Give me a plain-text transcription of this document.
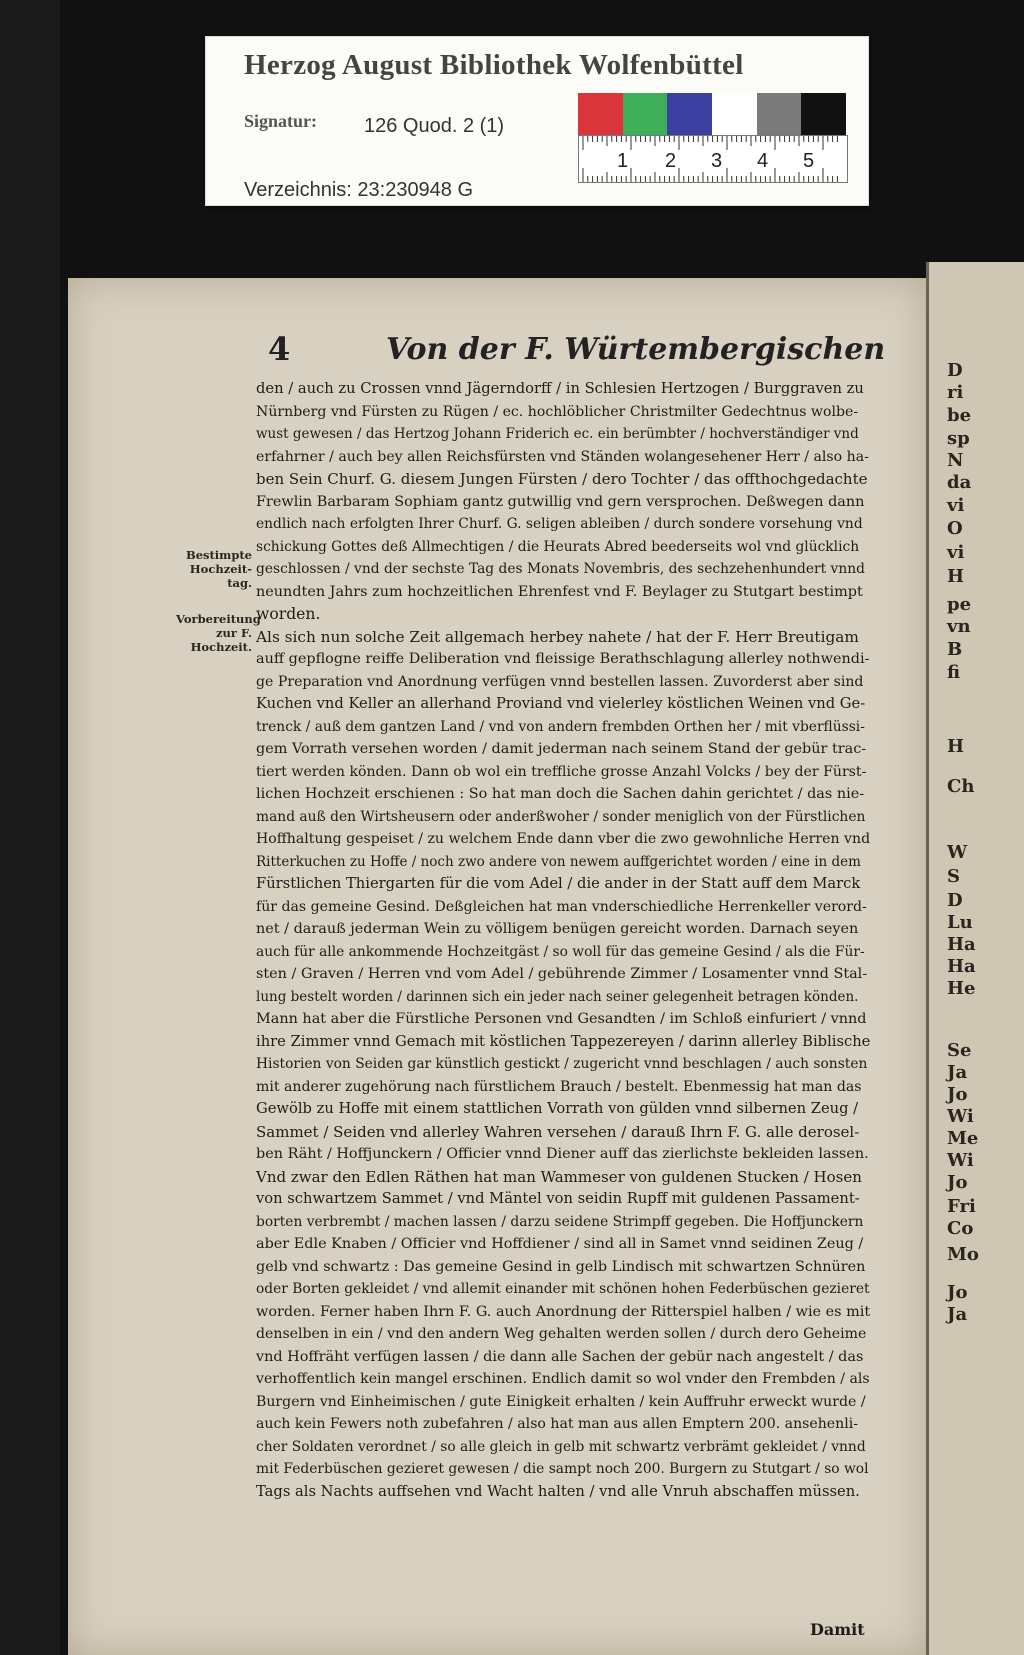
Herzog August Bibliothek Wolfenbüttel
Signatur: 126 Quod. 2 (1)
1 2 3 4 5
Verzeichnis: 23:230948 G
D
ri
be
sp
N
da
vi
O
vi
H
pe
vn
B
fi
H
Ch
W
S
D
Lu
Ha
Ha
He
Se
Ja
Jo
Wi
Me
Wi
Jo
Fri
Co
Mo
Jo
Ja
4	Von der F. Würtembergischen
Bestimpte Hochzeit-tag.
Vorbereitung zur F. Hochzeit.
den / auch zu Crossen vnnd Jägerndorff / in Schlesien Hertzogen / Burggraven zu
Nürnberg vnd Fürsten zu Rügen / ec. hochlöblicher Christmilter Gedechtnus wolbe-
wust gewesen / das Hertzog Johann Friderich ec. ein berümbter / hochverständiger vnd
erfahrner / auch bey allen Reichsfürsten vnd Ständen wolangesehener Herr / also ha-
ben Sein Churf. G. diesem Jungen Fürsten / dero Tochter / das offthochgedachte
Frewlin Barbaram Sophiam gantz gutwillig vnd gern versprochen. Deßwegen dann
endlich nach erfolgten Ihrer Churf. G. seligen ableiben / durch sondere vorsehung vnd
schickung Gottes deß Allmechtigen / die Heurats Abred beederseits wol vnd glücklich
geschlossen / vnd der sechste Tag des Monats Novembris, des sechzehenhundert vnnd
neundten Jahrs zum hochzeitlichen Ehrenfest vnd F. Beylager zu Stutgart bestimpt
worden.
Als sich nun solche Zeit allgemach herbey nahete / hat der F. Herr Breutigam
auff gepflogne reiffe Deliberation vnd fleissige Berathschlagung allerley nothwendi-
ge Preparation vnd Anordnung verfügen vnnd bestellen lassen. Zuvorderst aber sind
Kuchen vnd Keller an allerhand Proviand vnd vielerley köstlichen Weinen vnd Ge-
trenck / auß dem gantzen Land / vnd von andern frembden Orthen her / mit vberflüssi-
gem Vorrath versehen worden / damit jederman nach seinem Stand der gebür trac-
tiert werden könden. Dann ob wol ein treffliche grosse Anzahl Volcks / bey der Fürst-
lichen Hochzeit erschienen : So hat man doch die Sachen dahin gerichtet / das nie-
mand auß den Wirtsheusern oder anderßwoher / sonder meniglich von der Fürstlichen
Hoffhaltung gespeiset / zu welchem Ende dann vber die zwo gewohnliche Herren vnd
Ritterkuchen zu Hoffe / noch zwo andere von newem auffgerichtet worden / eine in dem
Fürstlichen Thiergarten für die vom Adel / die ander in der Statt auff dem Marck
für das gemeine Gesind. Deßgleichen hat man vnderschiedliche Herrenkeller verord-
net / darauß jederman Wein zu völligem benügen gereicht worden. Darnach seyen
auch für alle ankommende Hochzeitgäst / so woll für das gemeine Gesind / als die Für-
sten / Graven / Herren vnd vom Adel / gebührende Zimmer / Losamenter vnnd Stal-
lung bestelt worden / darinnen sich ein jeder nach seiner gelegenheit betragen könden.
Mann hat aber die Fürstliche Personen vnd Gesandten / im Schloß einfuriert / vnnd
ihre Zimmer vnnd Gemach mit köstlichen Tappezereyen / darinn allerley Biblische
Historien von Seiden gar künstlich gestickt / zugericht vnnd beschlagen / auch sonsten
mit anderer zugehörung nach fürstlichem Brauch / bestelt. Ebenmessig hat man das
Gewölb zu Hoffe mit einem stattlichen Vorrath von gülden vnnd silbernen Zeug /
Sammet / Seiden vnd allerley Wahren versehen / darauß Ihrn F. G. alle derosel-
ben Räht / Hoffjunckern / Officier vnnd Diener auff das zierlichste bekleiden lassen.
Vnd zwar den Edlen Räthen hat man Wammeser von guldenen Stucken / Hosen
von schwartzem Sammet / vnd Mäntel von seidin Rupff mit guldenen Passament-
borten verbrembt / machen lassen / darzu seidene Strimpff gegeben. Die Hoffjunckern
aber Edle Knaben / Officier vnd Hoffdiener / sind all in Samet vnnd seidinen Zeug /
gelb vnd schwartz : Das gemeine Gesind in gelb Lindisch mit schwartzen Schnüren
oder Borten gekleidet / vnd allemit einander mit schönen hohen Federbüschen gezieret
worden. Ferner haben Ihrn F. G. auch Anordnung der Ritterspiel halben / wie es mit
denselben in ein / vnd den andern Weg gehalten werden sollen / durch dero Geheime
vnd Hoffräht verfügen lassen / die dann alle Sachen der gebür nach angestelt / das
verhoffentlich kein mangel erschinen. Endlich damit so wol vnder den Frembden / als
Burgern vnd Einheimischen / gute Einigkeit erhalten / kein Auffruhr erweckt wurde /
auch kein Fewers noth zubefahren / also hat man aus allen Emptern 200. ansehenli-
cher Soldaten verordnet / so alle gleich in gelb mit schwartz verbrämt gekleidet / vnnd
mit Federbüschen gezieret gewesen / die sampt noch 200. Burgern zu Stutgart / so wol
Tags als Nachts auffsehen vnd Wacht halten / vnd alle Vnruh abschaffen müssen.
Damit
